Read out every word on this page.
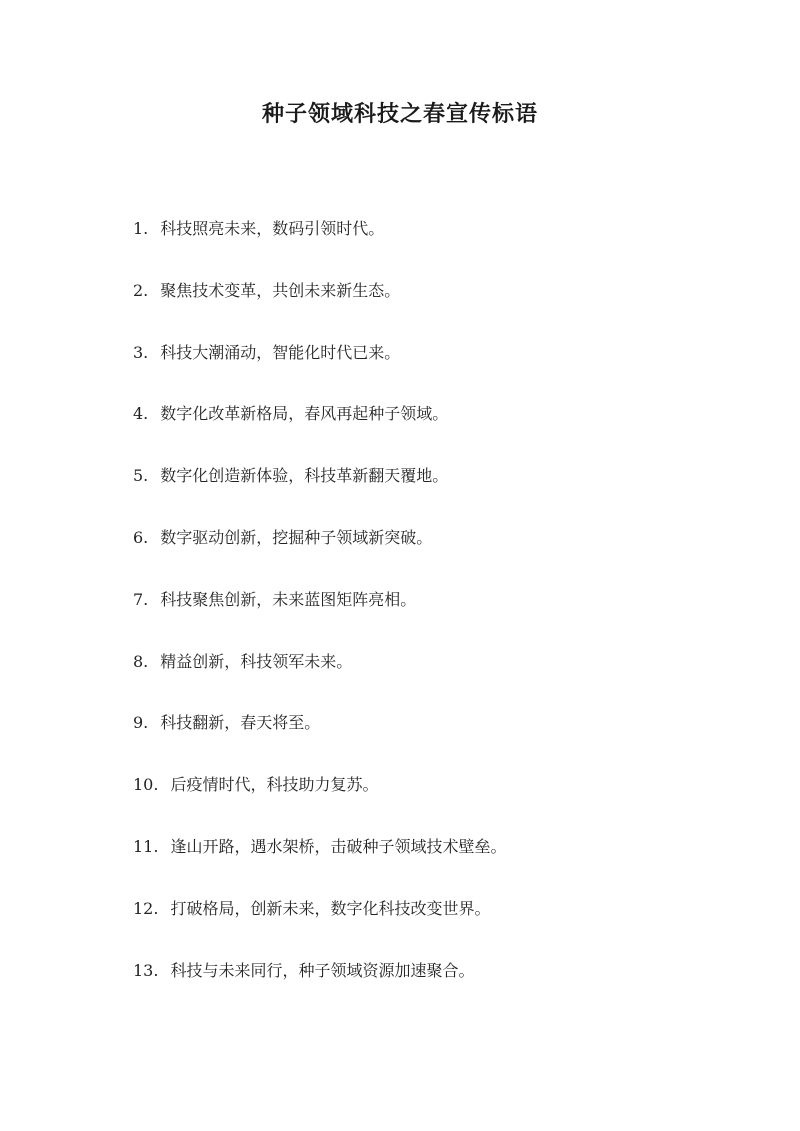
种子领域科技之春宣传标语
1. 科技照亮未来，数码引领时代。
2. 聚焦技术变革，共创未来新生态。
3. 科技大潮涌动，智能化时代已来。
4. 数字化改革新格局，春风再起种子领域。
5. 数字化创造新体验，科技革新翻天覆地。
6. 数字驱动创新，挖掘种子领域新突破。
7. 科技聚焦创新，未来蓝图矩阵亮相。
8. 精益创新，科技领军未来。
9. 科技翻新，春天将至。
10. 后疫情时代，科技助力复苏。
11. 逢山开路，遇水架桥，击破种子领域技术壁垒。
12. 打破格局，创新未来，数字化科技改变世界。
13. 科技与未来同行，种子领域资源加速聚合。
